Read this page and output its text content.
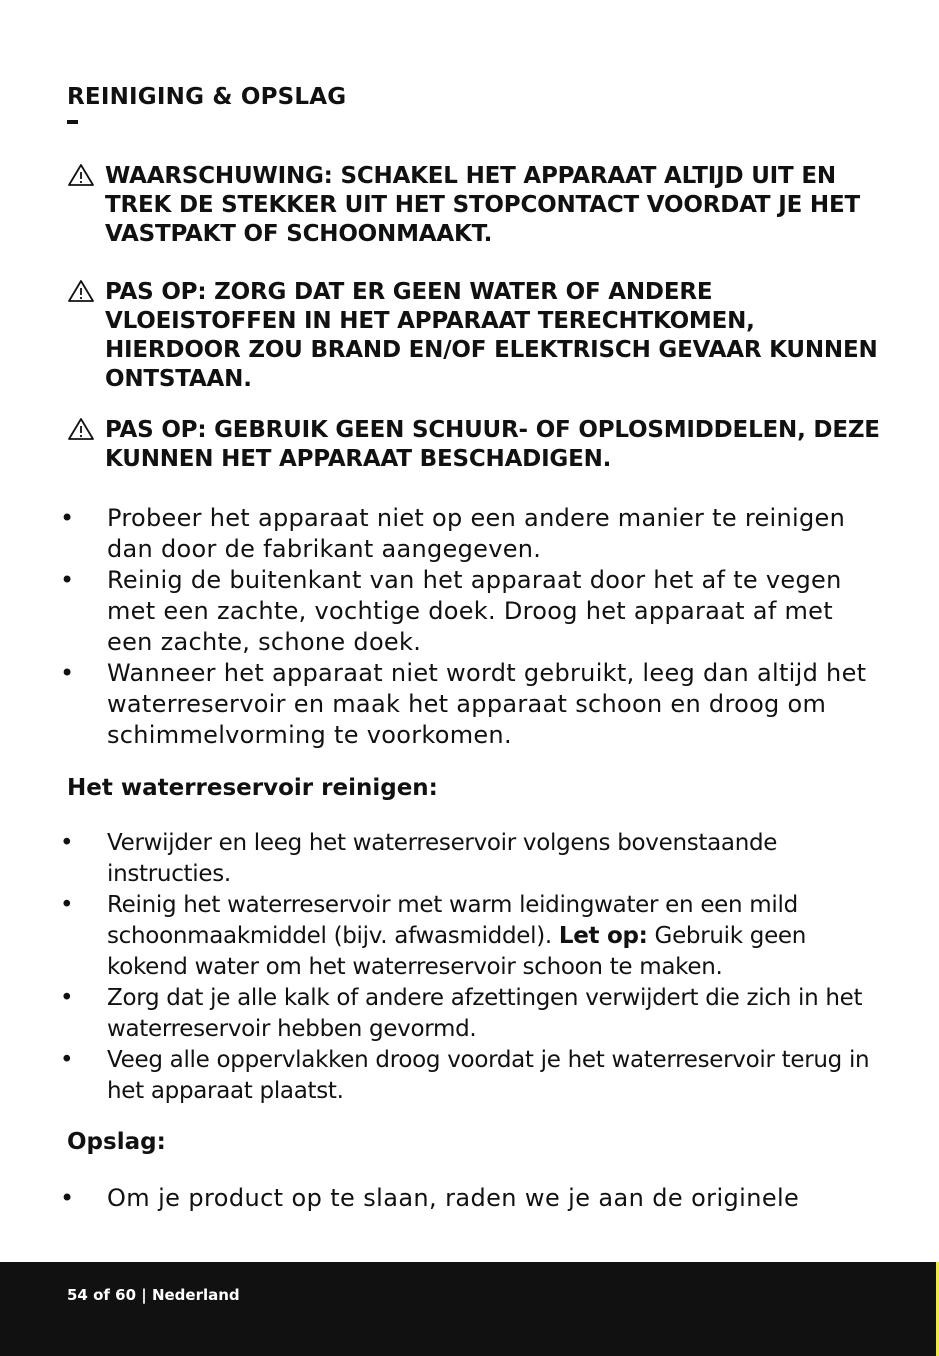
REINIGING & OPSLAG
WAARSCHUWING: SCHAKEL HET APPARAAT ALTIJD UIT EN TREK DE STEKKER UIT HET STOPCONTACT VOORDAT JE HET VASTPAKT OF SCHOONMAAKT.
PAS OP: ZORG DAT ER GEEN WATER OF ANDERE VLOEISTOFFEN IN HET APPARAAT TERECHTKOMEN, HIERDOOR ZOU BRAND EN/OF ELEKTRISCH GEVAAR KUNNEN ONTSTAAN.
PAS OP: GEBRUIK GEEN SCHUUR- OF OPLOSMIDDELEN, DEZE KUNNEN HET APPARAAT BESCHADIGEN.
• Probeer het apparaat niet op een andere manier te reinigen dan door de fabrikant aangegeven.
• Reinig de buitenkant van het apparaat door het af te vegen met een zachte, vochtige doek. Droog het apparaat af met een zachte, schone doek.
• Wanneer het apparaat niet wordt gebruikt, leeg dan altijd het waterreservoir en maak het apparaat schoon en droog om schimmelvorming te voorkomen.
Het waterreservoir reinigen:
• Verwijder en leeg het waterreservoir volgens bovenstaande instructies.
• Reinig het waterreservoir met warm leidingwater en een mild schoonmaakmiddel (bijv. afwasmiddel). Let op: Gebruik geen kokend water om het waterreservoir schoon te maken.
• Zorg dat je alle kalk of andere afzettingen verwijdert die zich in het waterreservoir hebben gevormd.
• Veeg alle oppervlakken droog voordat je het waterreservoir terug in het apparaat plaatst.
Opslag:
• Om je product op te slaan, raden we je aan de originele
54 of 60 | Nederland
